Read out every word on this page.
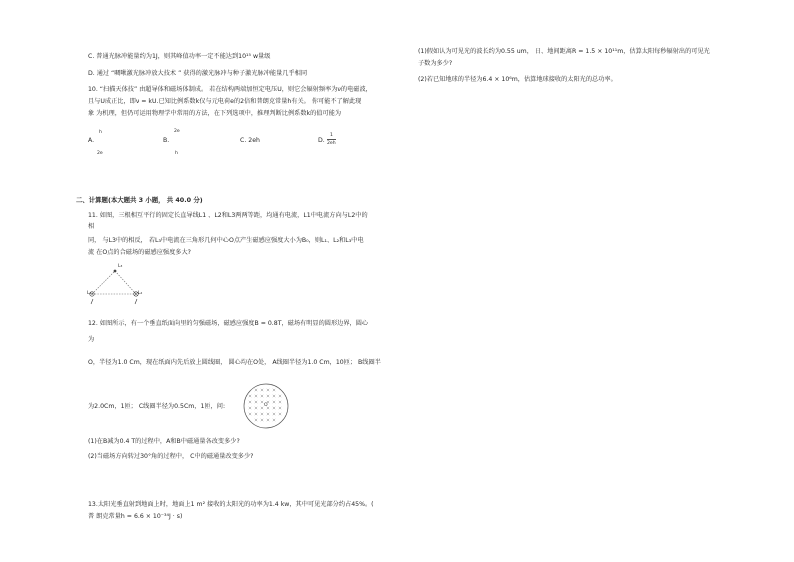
C. 普通光脉冲能量约为1J，则其峰值功率一定不能达到10¹⁵ w量级
D. 通过 “啁啾激光脉冲放大技术 ” 获得的激光脉冲与种子激光脉冲能量几乎相同
10. “扫描天体技” 由超导体和磁场体制成。 若在结构两端加恒定电压U，则它会辐射频率为ν的电磁波，
且与U成正比，即ν = kU.已知比例系数k仅与元电荷e的2倍和普朗克常量h有关。 你可能不了解此现
象 为机理，但仍可运用物理学中常用的方法，在下列选项中，推理判断比例系数k的值可能为
A.
h
2e
B.
2e
h
C. 2eh	D.
1
2eh
二、计算题(本大题共 3 小题， 共 40.0 分)
11. 如图，三根相互平行的固定长直导线L1 、L2和L3两两等距，均通有电流，L1中电流方向与L2中的
相
同， 与L3中的相反， 若L₃中电流在三角形几何中心O点产生磁感应强度大小为B₀，则L₁、L₂和L₃中电
流 在O点的合磁场的磁感应强度多大?
L₁	L₂
L₃
12. 如图所示，有一个垂直纸面向里的匀强磁场，磁感应强度B = 0.8T，磁场有明显的圆形边界，圆心
为
O，半径为1.0 Cm，现在纸面内先后放上圆线圈， 圆心均在O处， A线圈半径为1.0 Cm，10匝； B线圈半
为2.0Cm，1匝； C线圈半径为0.5Cm，1匝，问:	O
(1)在B减为0.4 T的过程中，A和B中磁通量各改变多少?
(2)当磁场方向转过30°角的过程中， C中的磁通量改变多少?
13.太阳光垂直射到地面上时，地面上1 m² 接收的太阳光的功率为1.4 kw，其中可见光部分约占45%。(
普 朗克常量h = 6.6 × 10⁻³⁴J · s)
(1)假如认为可见光的波长约为0.55 um， 日、地间距离R = 1.5 × 10¹¹m，估算太阳每秒辐射出的可见光
子数为多少?
(2)若已知地球的半径为6.4 × 10⁶m，估算地球接收的太阳光的总功率。
